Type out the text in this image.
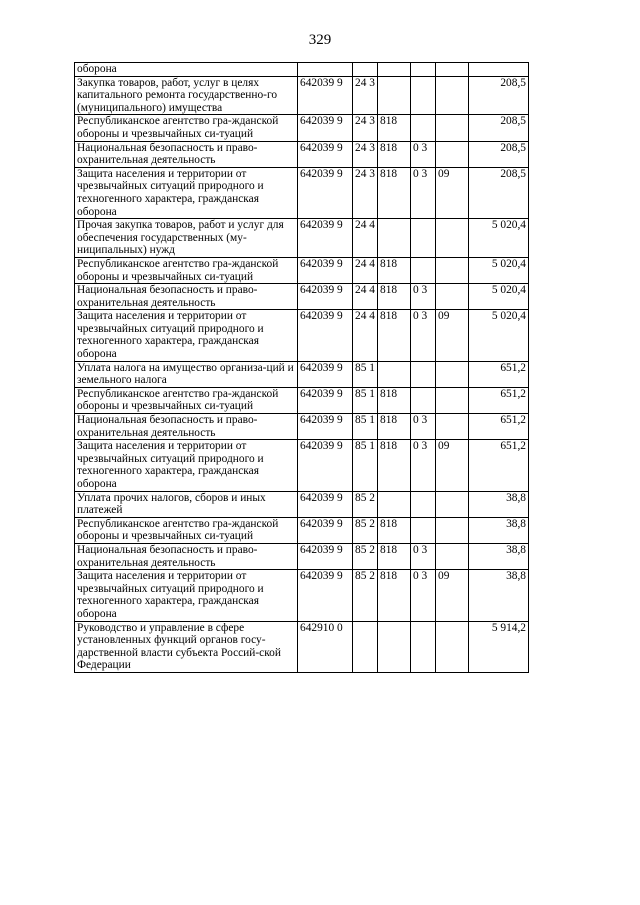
329
оборона						
Закупка товаров, работ, услуг в целях капитального ремонта государственно-го (муниципального) имущества	642039 9	24 3				208,5
Республиканское агентство гра-жданской обороны и чрезвычайных си-туаций	642039 9	24 3	818			208,5
Национальная безопасность и право-охранительная деятельность	642039 9	24 3	818	0 3		208,5
Защита населения и территории от чрезвычайных ситуаций природного и техногенного характера, гражданская оборона	642039 9	24 3	818	0 3	09	208,5
Прочая закупка товаров, работ и услуг для обеспечения государственных (му-ниципальных) нужд	642039 9	24 4				5 020,4
Республиканское агентство гра-жданской обороны и чрезвычайных си-туаций	642039 9	24 4	818			5 020,4
Национальная безопасность и право-охранительная деятельность	642039 9	24 4	818	0 3		5 020,4
Защита населения и территории от чрезвычайных ситуаций природного и техногенного характера, гражданская оборона	642039 9	24 4	818	0 3	09	5 020,4
Уплата налога на имущество организа-ций и земельного налога	642039 9	85 1				651,2
Республиканское агентство гра-жданской обороны и чрезвычайных си-туаций	642039 9	85 1	818			651,2
Национальная безопасность и право-охранительная деятельность	642039 9	85 1	818	0 3		651,2
Защита населения и территории от чрезвычайных ситуаций природного и техногенного характера, гражданская оборона	642039 9	85 1	818	0 3	09	651,2
Уплата прочих налогов, сборов и иных платежей	642039 9	85 2				38,8
Республиканское агентство гра-жданской обороны и чрезвычайных си-туаций	642039 9	85 2	818			38,8
Национальная безопасность и право-охранительная деятельность	642039 9	85 2	818	0 3		38,8
Защита населения и территории от чрезвычайных ситуаций природного и техногенного характера, гражданская оборона	642039 9	85 2	818	0 3	09	38,8
Руководство и управление в сфере установленных функций органов госу-дарственной власти субъекта Россий-ской Федерации	642910 0					5 914,2
